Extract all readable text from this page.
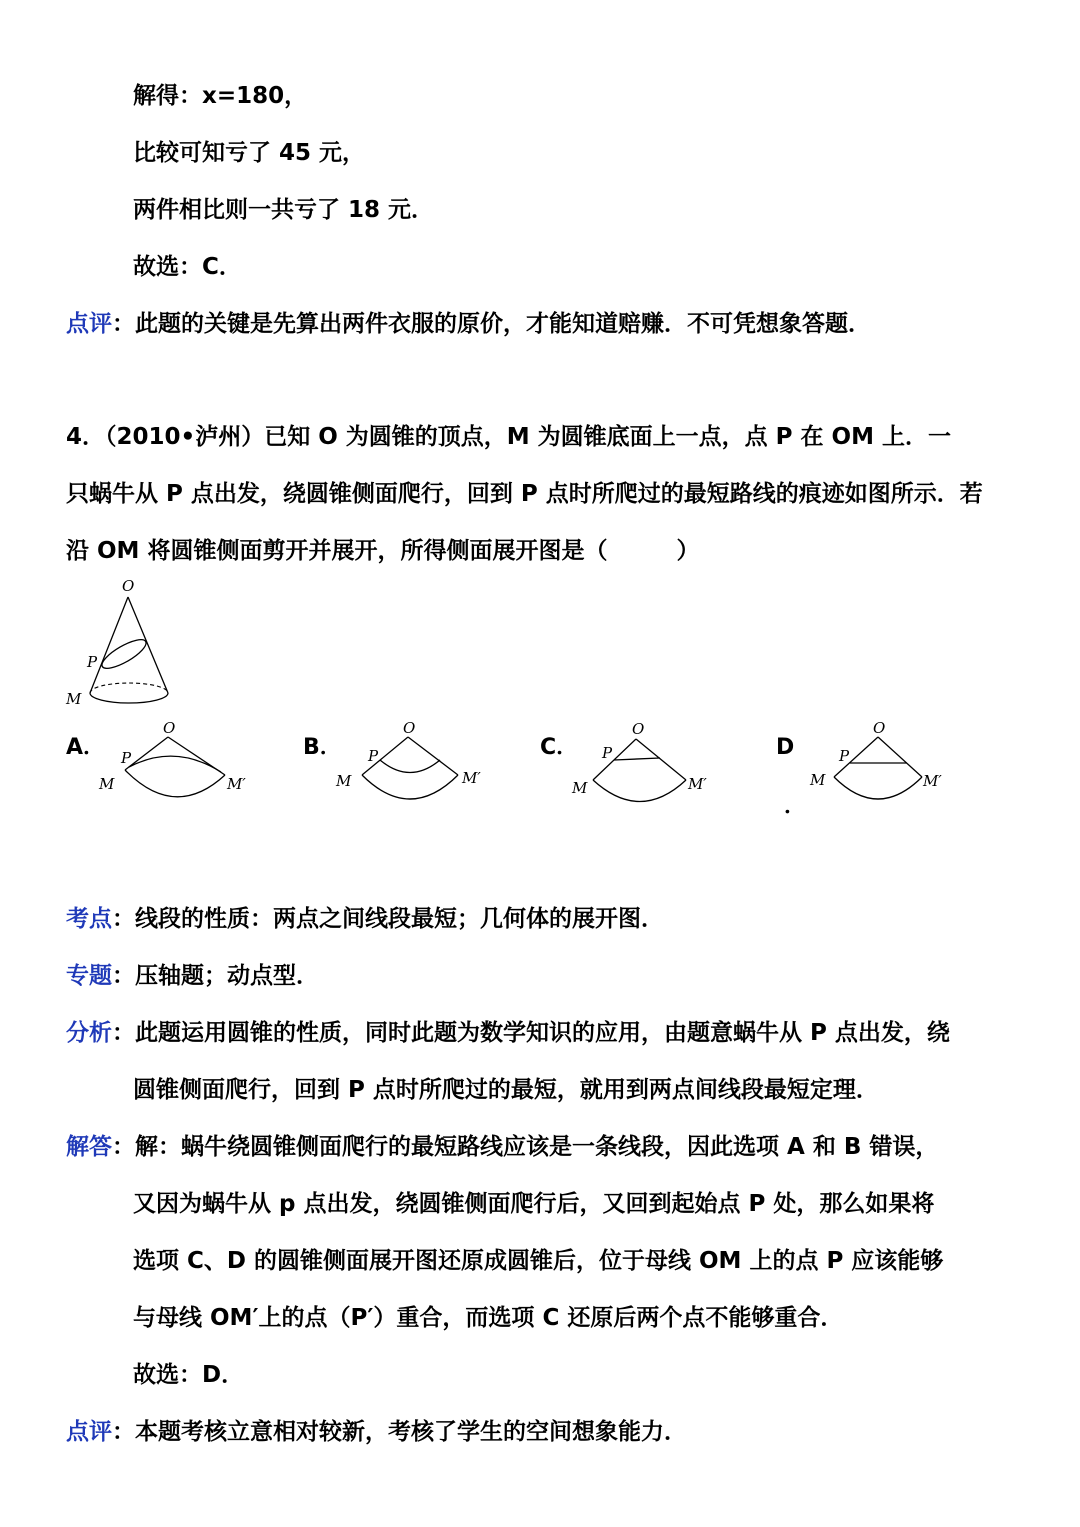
解得：x=180，
比较可知亏了 45 元，
两件相比则一共亏了 18 元．
故选：C．
点评：此题的关键是先算出两件衣服的原价，才能知道赔赚．不可凭想象答题．
4．（2010•泸州）已知 O 为圆锥的顶点，M 为圆锥底面上一点，点 P 在 OM 上．一
只蜗牛从 P 点出发，绕圆锥侧面爬行，回到 P 点时所爬过的最短路线的痕迹如图所示．若
沿 OM 将圆锥侧面剪开并展开，所得侧面展开图是（　　　）
O
P
M
A．
O
P
M	M′
B．
O
P
M	M′
C．
O
P
M	M′
D
．
O
P
M	M′
考点：线段的性质：两点之间线段最短；几何体的展开图．
专题：压轴题；动点型．
分析：此题运用圆锥的性质，同时此题为数学知识的应用，由题意蜗牛从 P 点出发，绕
圆锥侧面爬行，回到 P 点时所爬过的最短，就用到两点间线段最短定理．
解答：解：蜗牛绕圆锥侧面爬行的最短路线应该是一条线段，因此选项 A 和 B 错误，
又因为蜗牛从 p 点出发，绕圆锥侧面爬行后，又回到起始点 P 处，那么如果将
选项 C、D 的圆锥侧面展开图还原成圆锥后，位于母线 OM 上的点 P 应该能够
与母线 OM′上的点（P′）重合，而选项 C 还原后两个点不能够重合．
故选：D．
点评：本题考核立意相对较新，考核了学生的空间想象能力．
